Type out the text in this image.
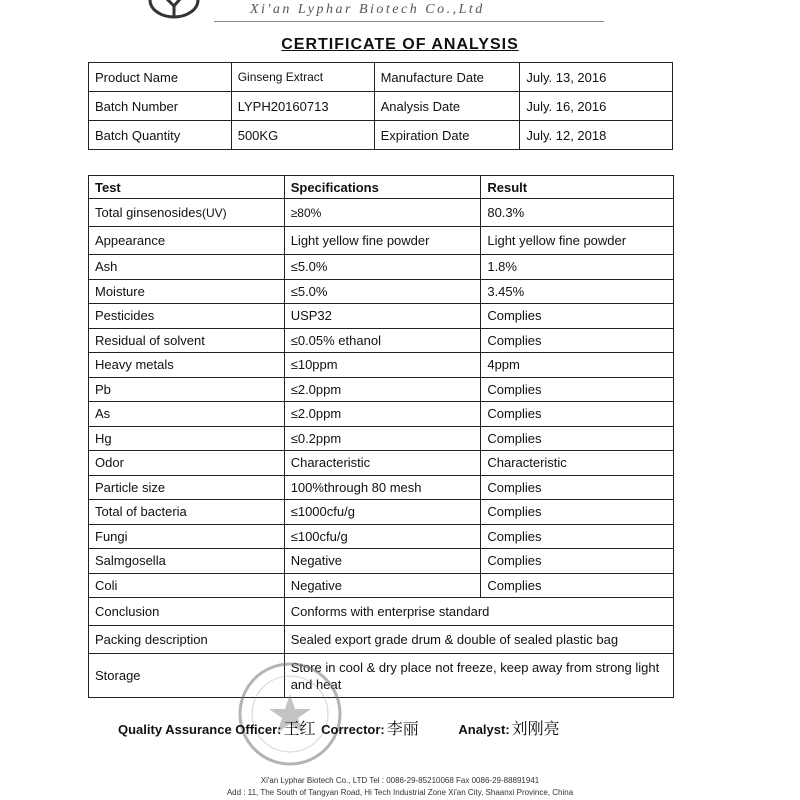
Xi'an Lyphar Biotech Co.,Ltd
CERTIFICATE OF ANALYSIS
Product Name	Ginseng Extract	Manufacture Date	July. 13, 2016
Batch Number	LYPH20160713	Analysis Date	July. 16, 2016
Batch Quantity	500KG	Expiration Date	July. 12, 2018
Test	Specifications	Result
Total ginsenosides(UV)	≥80%	80.3%
Appearance	Light yellow fine powder	Light yellow fine powder
Ash	≤5.0%	1.8%
Moisture	≤5.0%	3.45%
Pesticides	USP32	Complies
Residual of solvent	≤0.05% ethanol	Complies
Heavy metals	≤10ppm	4ppm
Pb	≤2.0ppm	Complies
As	≤2.0ppm	Complies
Hg	≤0.2ppm	Complies
Odor	Characteristic	Characteristic
Particle size	100%through 80 mesh	Complies
Total of bacteria	≤1000cfu/g	Complies
Fungi	≤100cfu/g	Complies
Salmgosella	Negative	Complies
Coli	Negative	Complies
Conclusion	Conforms with enterprise standard	
Packing description	Sealed export grade drum & double of sealed plastic bag	
Storage	Store in cool & dry place not freeze, keep away from strong light and heat	
Quality Assurance Officer: 王红 Corrector: 李丽	Analyst: 刘刚亮
Xi'an Lyphar Biotech Co., LTD Tel : 0086-29-85210068 Fax 0086-29-88891941
Add : 11, The South of Tangyan Road, Hi Tech Industrial Zone Xi'an City, Shaanxi Province, China
